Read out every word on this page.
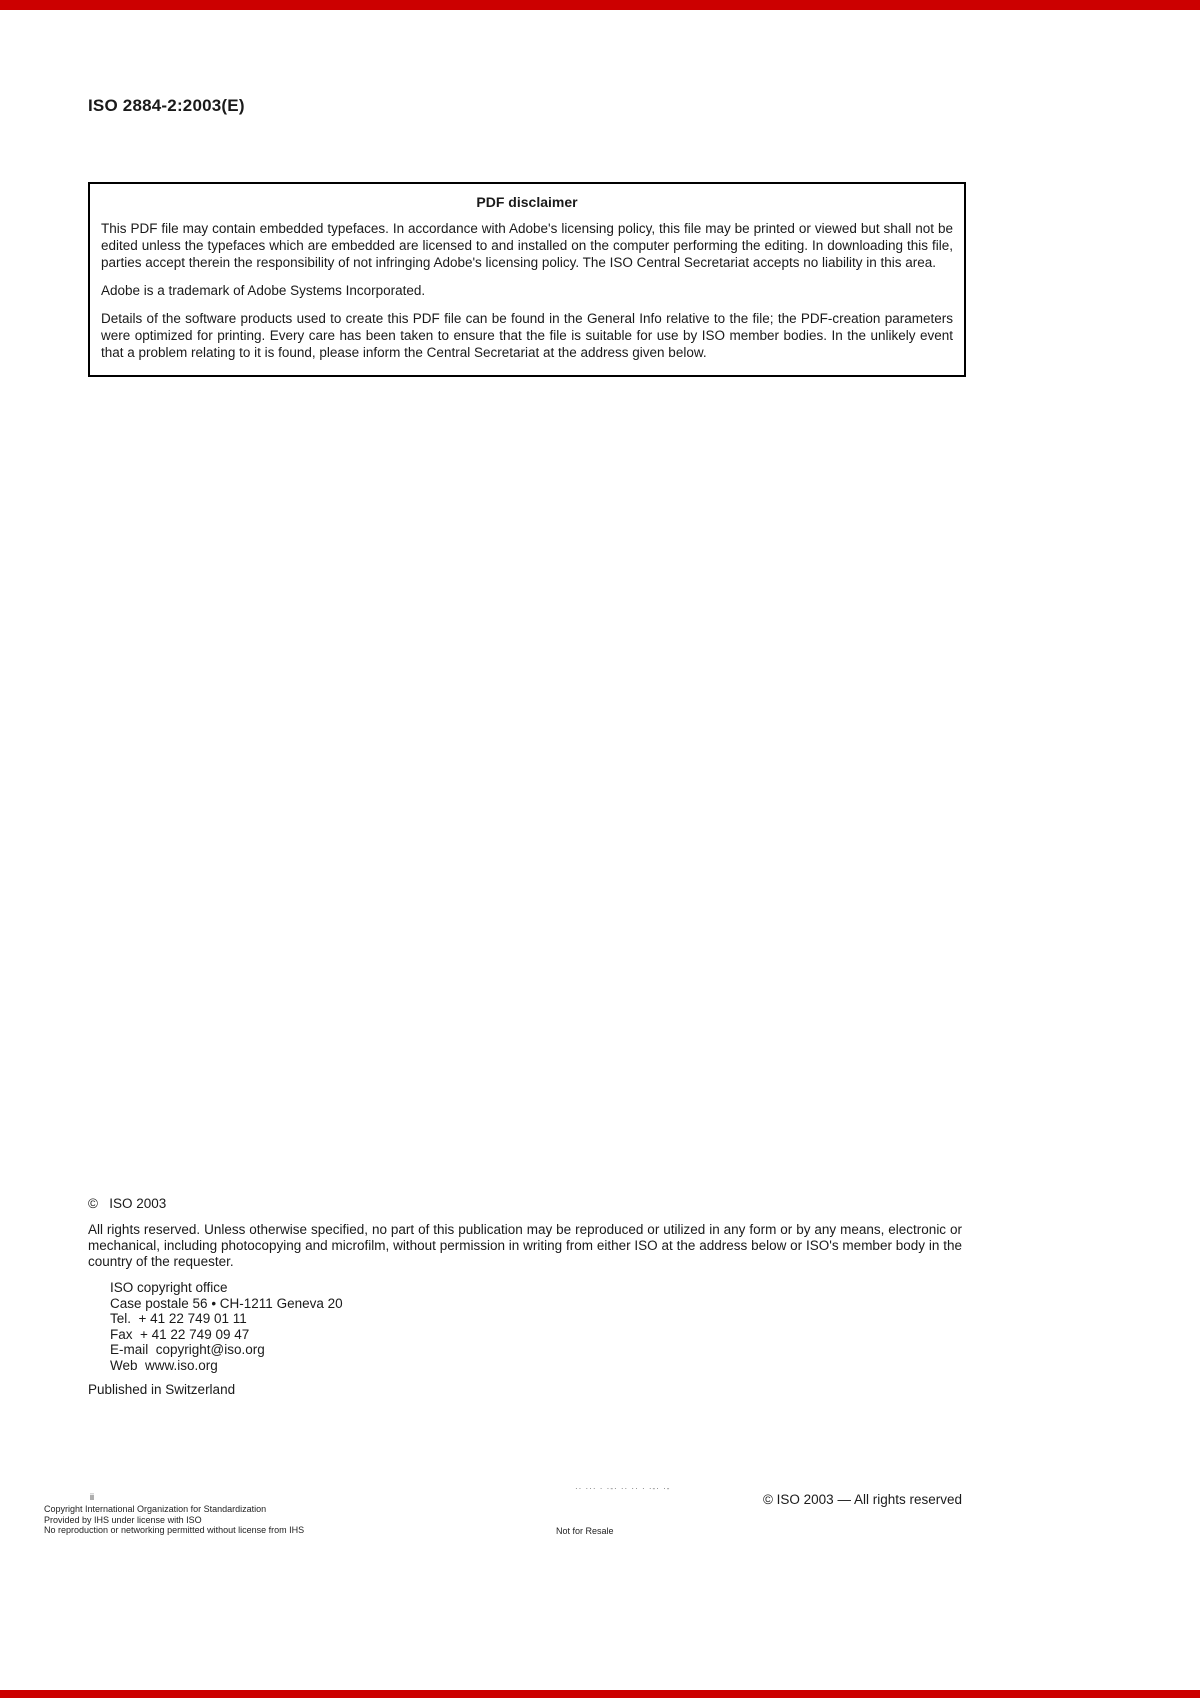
ISO 2884-2:2003(E)
PDF disclaimer

This PDF file may contain embedded typefaces. In accordance with Adobe's licensing policy, this file may be printed or viewed but shall not be edited unless the typefaces which are embedded are licensed to and installed on the computer performing the editing. In downloading this file, parties accept therein the responsibility of not infringing Adobe's licensing policy. The ISO Central Secretariat accepts no liability in this area.

Adobe is a trademark of Adobe Systems Incorporated.

Details of the software products used to create this PDF file can be found in the General Info relative to the file; the PDF-creation parameters were optimized for printing. Every care has been taken to ensure that the file is suitable for use by ISO member bodies. In the unlikely event that a problem relating to it is found, please inform the Central Secretariat at the address given below.

©   ISO 2003

All rights reserved. Unless otherwise specified, no part of this publication may be reproduced or utilized in any form or by any means, electronic or mechanical, including photocopying and microfilm, without permission in writing from either ISO at the address below or ISO's member body in the country of the requester.

ISO copyright office
Case postale 56 • CH-1211 Geneva 20
Tel.  + 41 22 749 01 11
Fax  + 41 22 749 09 47
E-mail  copyright@iso.org
Web  www.iso.org
Published in Switzerland
ii
Copyright International Organization for Standardization
Provided by IHS under license with ISO
No reproduction or networking permitted without license from IHS
·· ··· · ·-· ·· ·· · ·-· ·-
Not for Resale
© ISO 2003 — All rights reserved
